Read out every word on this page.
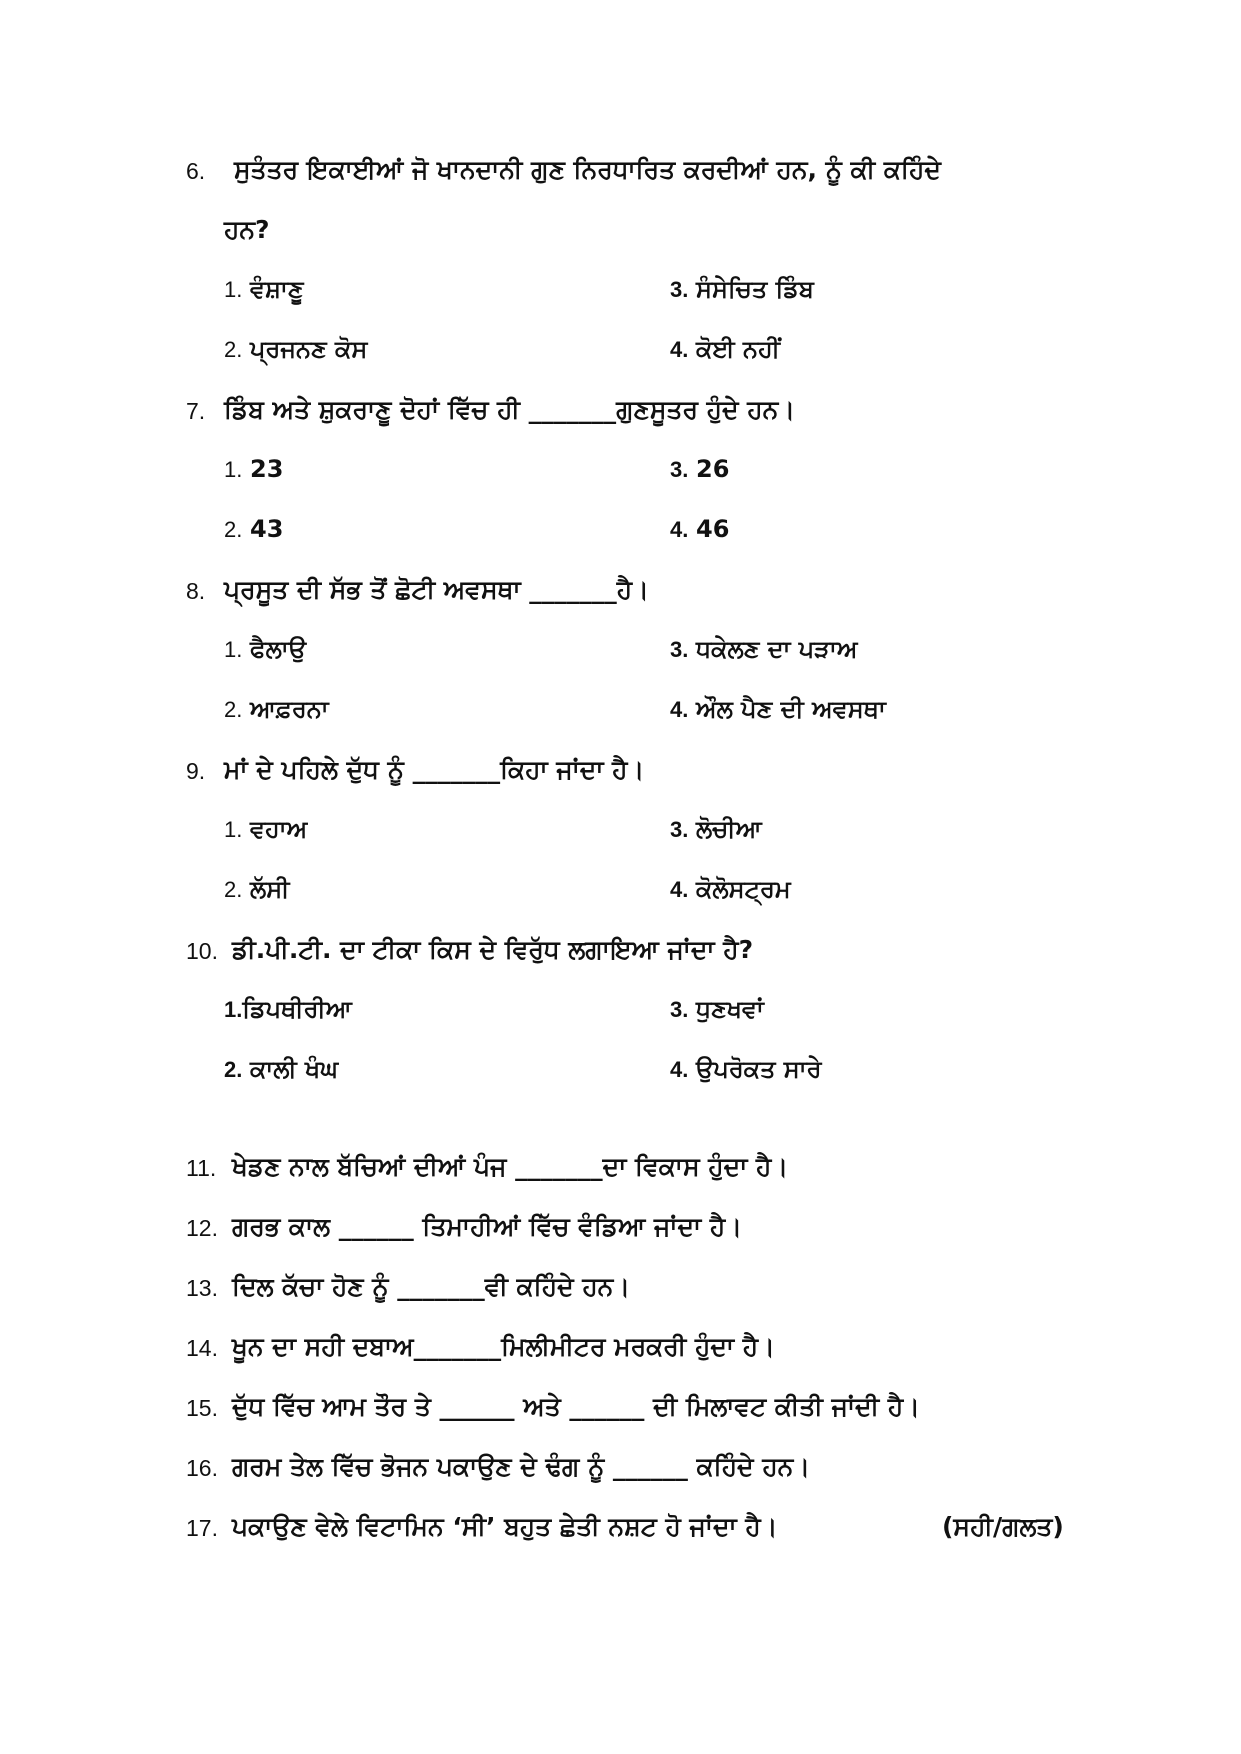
6. ਸੁਤੰਤਰ ਇਕਾਈਆਂ ਜੋ ਖਾਨਦਾਨੀ ਗੁਣ ਨਿਰਧਾਰਿਤ ਕਰਦੀਆਂ ਹਨ, ਨੂੰ ਕੀ ਕਹਿੰਦੇ
ਹਨ?
1. ਵੰਸ਼ਾਣੂ
2. ਪ੍ਰਜਨਣ ਕੋਸ
3. ਸੰਸੇਚਿਤ ਡਿੰਬ
4. ਕੋਈ ਨਹੀਂ
7. ਡਿੰਬ ਅਤੇ ਸ਼ੁਕਰਾਣੂ ਦੋਹਾਂ ਵਿੱਚ ਹੀ _______ਗੁਣਸੂਤਰ ਹੁੰਦੇ ਹਨ।
1. 23
2. 43
3. 26
4. 46
8. ਪ੍ਰਸੂਤ ਦੀ ਸੱਭ ਤੋਂ ਛੋਟੀ ਅਵਸਥਾ _______ਹੈ।
1. ਫੈਲਾਉ
2. ਆਫ਼ਰਨਾ
3. ਧਕੇਲਣ ਦਾ ਪੜਾਅ
4. ਔਲ ਪੈਣ ਦੀ ਅਵਸਥਾ
9. ਮਾਂ ਦੇ ਪਹਿਲੇ ਦੁੱਧ ਨੂੰ _______ਕਿਹਾ ਜਾਂਦਾ ਹੈ।
1. ਵਹਾਅ
2. ਲੱਸੀ
3. ਲੋਚੀਆ
4. ਕੋਲੋਸਟ੍ਰਮ
10. ਡੀ.ਪੀ.ਟੀ. ਦਾ ਟੀਕਾ ਕਿਸ ਦੇ ਵਿਰੁੱਧ ਲਗਾਇਆ ਜਾਂਦਾ ਹੈ?
1.ਡਿਪਥੀਰੀਆ
2. ਕਾਲੀ ਖੰਘ
3. ਧੁਣਖਵਾਂ
4. ਉਪਰੋਕਤ ਸਾਰੇ
11. ਖੇਡਣ ਨਾਲ ਬੱਚਿਆਂ ਦੀਆਂ ਪੰਜ _______ਦਾ ਵਿਕਾਸ ਹੁੰਦਾ ਹੈ।
12. ਗਰਭ ਕਾਲ ______ ਤਿਮਾਹੀਆਂ ਵਿੱਚ ਵੰਡਿਆ ਜਾਂਦਾ ਹੈ।
13. ਦਿਲ ਕੱਚਾ ਹੋਣ ਨੂੰ _______ਵੀ ਕਹਿੰਦੇ ਹਨ।
14. ਖੂਨ ਦਾ ਸਹੀ ਦਬਾਅ_______ਮਿਲੀਮੀਟਰ ਮਰਕਰੀ ਹੁੰਦਾ ਹੈ।
15. ਦੁੱਧ ਵਿੱਚ ਆਮ ਤੌਰ ਤੇ ______ ਅਤੇ ______ ਦੀ ਮਿਲਾਵਟ ਕੀਤੀ ਜਾਂਦੀ ਹੈ।
16. ਗਰਮ ਤੇਲ ਵਿੱਚ ਭੋਜਨ ਪਕਾਉਣ ਦੇ ਢੰਗ ਨੂੰ ______ ਕਹਿੰਦੇ ਹਨ।
17. ਪਕਾਉਣ ਵੇਲੇ ਵਿਟਾਮਿਨ ‘ਸੀ’ ਬਹੁਤ ਛੇਤੀ ਨਸ਼ਟ ਹੋ ਜਾਂਦਾ ਹੈ।	(ਸਹੀ/ਗਲਤ)
